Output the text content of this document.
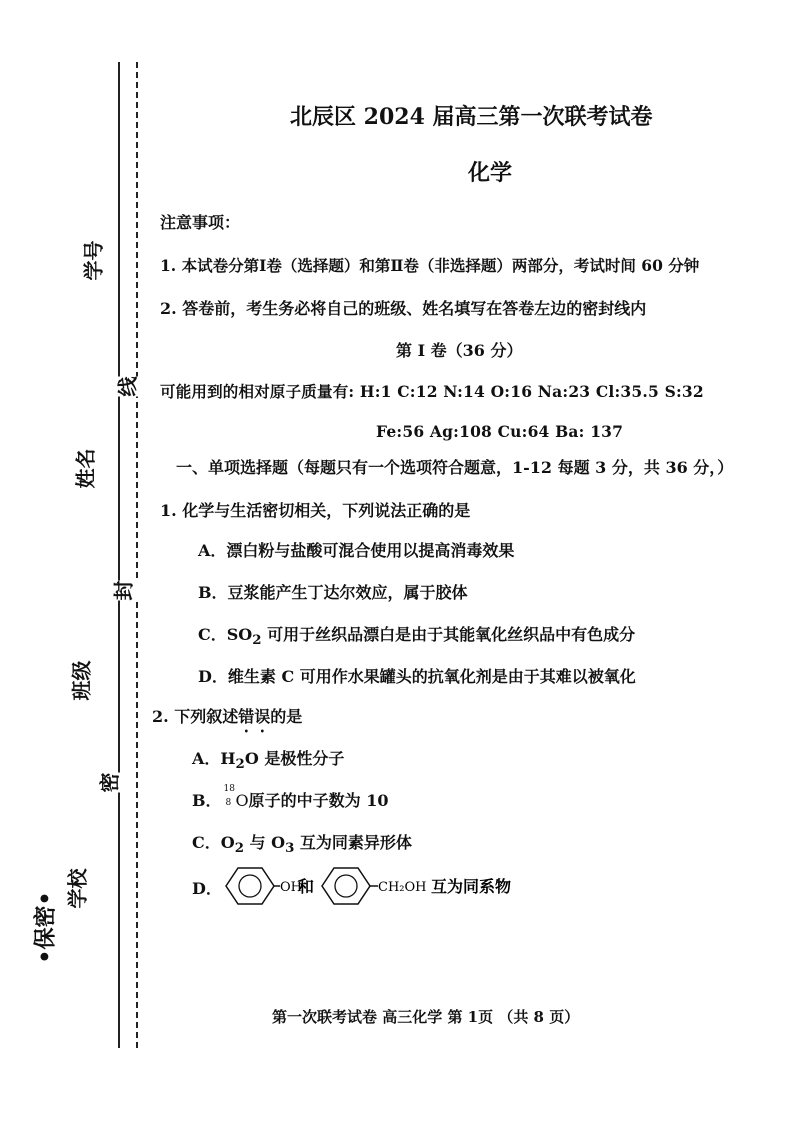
学号
姓名
班级
学校
线
封
密
•保密•
北辰区 2024 届高三第一次联考试卷
化学
注意事项：
1. 本试卷分第Ⅰ卷（选择题）和第Ⅱ卷（非选择题）两部分，考试时间 60 分钟
2. 答卷前，考生务必将自己的班级、姓名填写在答卷左边的密封线内
第 Ⅰ 卷（36 分）
可能用到的相对原子质量有: H:1 C:12 N:14 O:16 Na:23 Cl:35.5 S:32
Fe:56 Ag:108 Cu:64 Ba: 137
一、单项选择题（每题只有一个选项符合题意，1-12 每题 3 分，共 36 分，）
1. 化学与生活密切相关，下列说法正确的是
A．漂白粉与盐酸可混合使用以提高消毒效果
B．豆浆能产生丁达尔效应，属于胶体
C．$SO_2$ 可用于丝织品漂白是由于其能氧化丝织品中有色成分
D．维生素 C 可用作水果罐头的抗氧化剂是由于其难以被氧化
2. 下列叙述错误的是
A．$H_2O$ 是极性分子
B．
18
8 O原子的中子数为 10
C．$O_2$ 与 $O_3$ 互为同素异形体
D．	OH
和	CH₂OH 互为同系物
第一次联考试卷 高三化学 第 1页 （共 8 页）
